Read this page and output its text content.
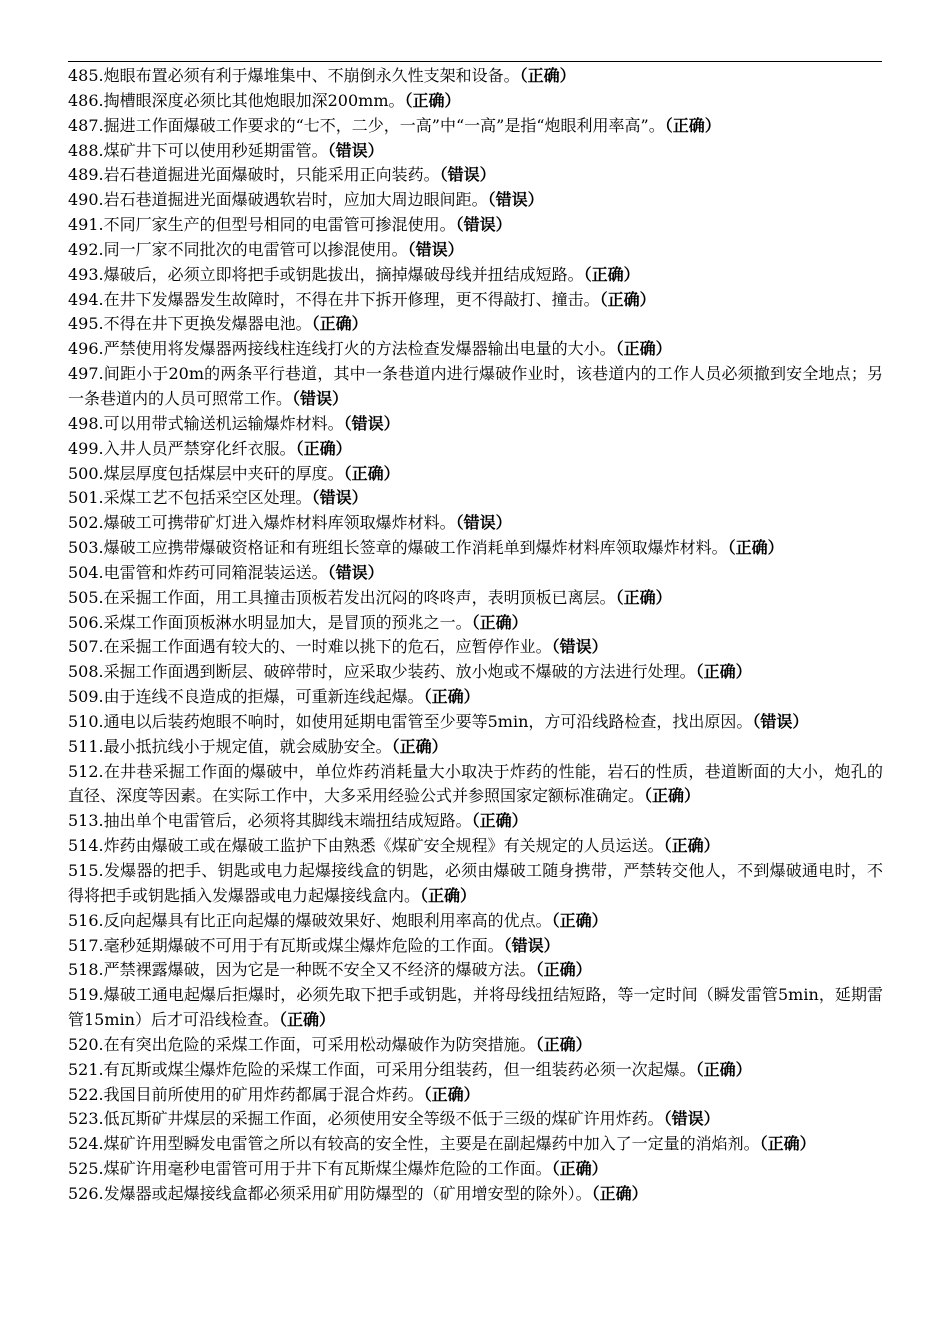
485.炮眼布置必须有利于爆堆集中、不崩倒永久性支架和设备。（正确）

486.掏槽眼深度必须比其他炮眼加深200mm。（正确）

487.掘进工作面爆破工作要求的“七不，二少，一高”中“一高”是指“炮眼利用率高”。（正确）

488.煤矿井下可以使用秒延期雷管。（错误）

489.岩石巷道掘进光面爆破时，只能采用正向装药。（错误）

490.岩石巷道掘进光面爆破遇软岩时，应加大周边眼间距。（错误）

491.不同厂家生产的但型号相同的电雷管可掺混使用。（错误）

492.同一厂家不同批次的电雷管可以掺混使用。（错误）

493.爆破后，必须立即将把手或钥匙拔出，摘掉爆破母线并扭结成短路。（正确）

494.在井下发爆器发生故障时，不得在井下拆开修理，更不得敲打、撞击。（正确）

495.不得在井下更换发爆器电池。（正确）

496.严禁使用将发爆器两接线柱连线打火的方法检查发爆器输出电量的大小。（正确）

497.间距小于20m的两条平行巷道，其中一条巷道内进行爆破作业时，该巷道内的工作人员必须撤到安全地点；另一条巷道内的人员可照常工作。（错误）

498.可以用带式输送机运输爆炸材料。（错误）

499.入井人员严禁穿化纤衣服。（正确）

500.煤层厚度包括煤层中夹矸的厚度。（正确）

501.采煤工艺不包括采空区处理。（错误）

502.爆破工可携带矿灯进入爆炸材料库领取爆炸材料。（错误）

503.爆破工应携带爆破资格证和有班组长签章的爆破工作消耗单到爆炸材料库领取爆炸材料。（正确）

504.电雷管和炸药可同箱混装运送。（错误）

505.在采掘工作面，用工具撞击顶板若发出沉闷的咚咚声，表明顶板已离层。（正确）

506.采煤工作面顶板淋水明显加大，是冒顶的预兆之一。（正确）

507.在采掘工作面遇有较大的、一时难以挑下的危石，应暂停作业。（错误）

508.采掘工作面遇到断层、破碎带时，应采取少装药、放小炮或不爆破的方法进行处理。（正确）

509.由于连线不良造成的拒爆，可重新连线起爆。（正确）

510.通电以后装药炮眼不响时，如使用延期电雷管至少要等5min，方可沿线路检查，找出原因。（错误）

511.最小抵抗线小于规定值，就会威胁安全。（正确）

512.在井巷采掘工作面的爆破中，单位炸药消耗量大小取决于炸药的性能，岩石的性质，巷道断面的大小，炮孔的直径、深度等因素。在实际工作中，大多采用经验公式并参照国家定额标准确定。（正确）

513.抽出单个电雷管后，必须将其脚线末端扭结成短路。（正确）

514.炸药由爆破工或在爆破工监护下由熟悉《煤矿安全规程》有关规定的人员运送。（正确）

515.发爆器的把手、钥匙或电力起爆接线盒的钥匙，必须由爆破工随身携带，严禁转交他人，不到爆破通电时，不得将把手或钥匙插入发爆器或电力起爆接线盒内。（正确）

516.反向起爆具有比正向起爆的爆破效果好、炮眼利用率高的优点。（正确）

517.毫秒延期爆破不可用于有瓦斯或煤尘爆炸危险的工作面。（错误）

518.严禁裸露爆破，因为它是一种既不安全又不经济的爆破方法。（正确）

519.爆破工通电起爆后拒爆时，必须先取下把手或钥匙，并将母线扭结短路，等一定时间（瞬发雷管5min，延期雷管15min）后才可沿线检查。（正确）

520.在有突出危险的采煤工作面，可采用松动爆破作为防突措施。（正确）

521.有瓦斯或煤尘爆炸危险的采煤工作面，可采用分组装药，但一组装药必须一次起爆。（正确）

522.我国目前所使用的矿用炸药都属于混合炸药。（正确）

523.低瓦斯矿井煤层的采掘工作面，必须使用安全等级不低于三级的煤矿许用炸药。（错误）

524.煤矿许用型瞬发电雷管之所以有较高的安全性，主要是在副起爆药中加入了一定量的消焰剂。（正确）

525.煤矿许用毫秒电雷管可用于井下有瓦斯煤尘爆炸危险的工作面。（正确）

526.发爆器或起爆接线盒都必须采用矿用防爆型的（矿用增安型的除外）。（正确）
